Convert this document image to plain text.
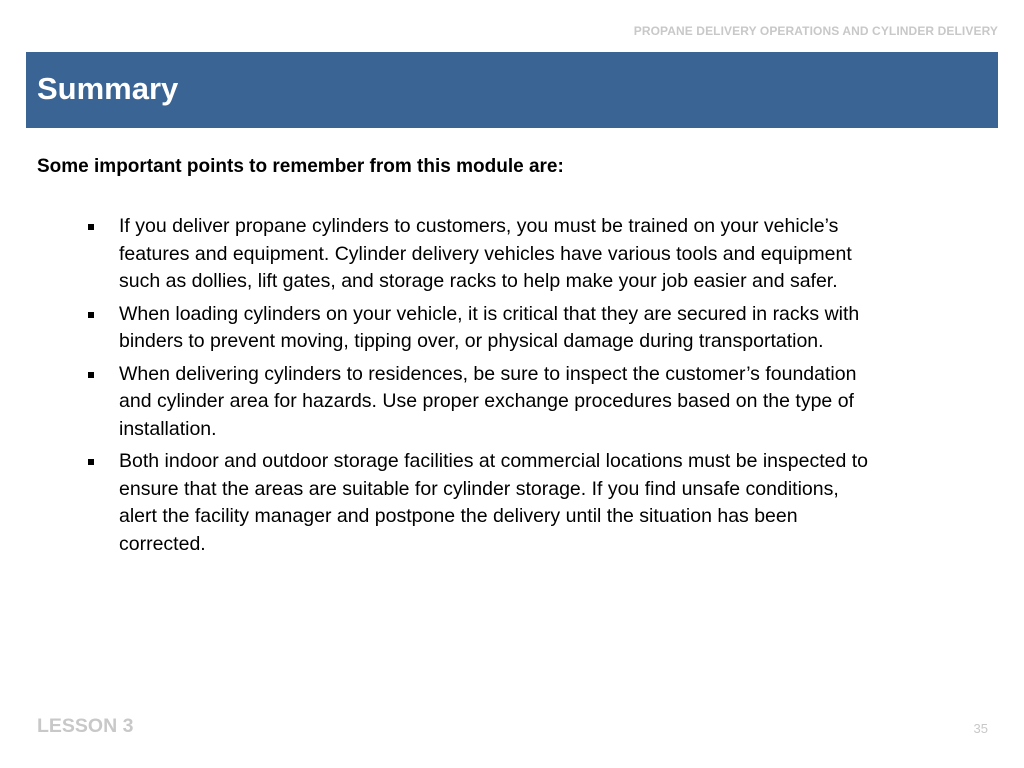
PROPANE DELIVERY OPERATIONS AND CYLINDER DELIVERY
Summary
Some important points to remember from this module are:
If you deliver propane cylinders to customers, you must be trained on your vehicle’s features and equipment. Cylinder delivery vehicles have various tools and equipment such as dollies, lift gates, and storage racks to help make your job easier and safer.
When loading cylinders on your vehicle, it is critical that they are secured in racks with binders to prevent moving, tipping over, or physical damage during transportation.
When delivering cylinders to residences, be sure to inspect the customer’s foundation and cylinder area for hazards. Use proper exchange procedures based on the type of installation.
Both indoor and outdoor storage facilities at commercial locations must be inspected to ensure that the areas are suitable for cylinder storage. If you find unsafe conditions, alert the facility manager and postpone the delivery until the situation has been corrected.
LESSON 3	35
